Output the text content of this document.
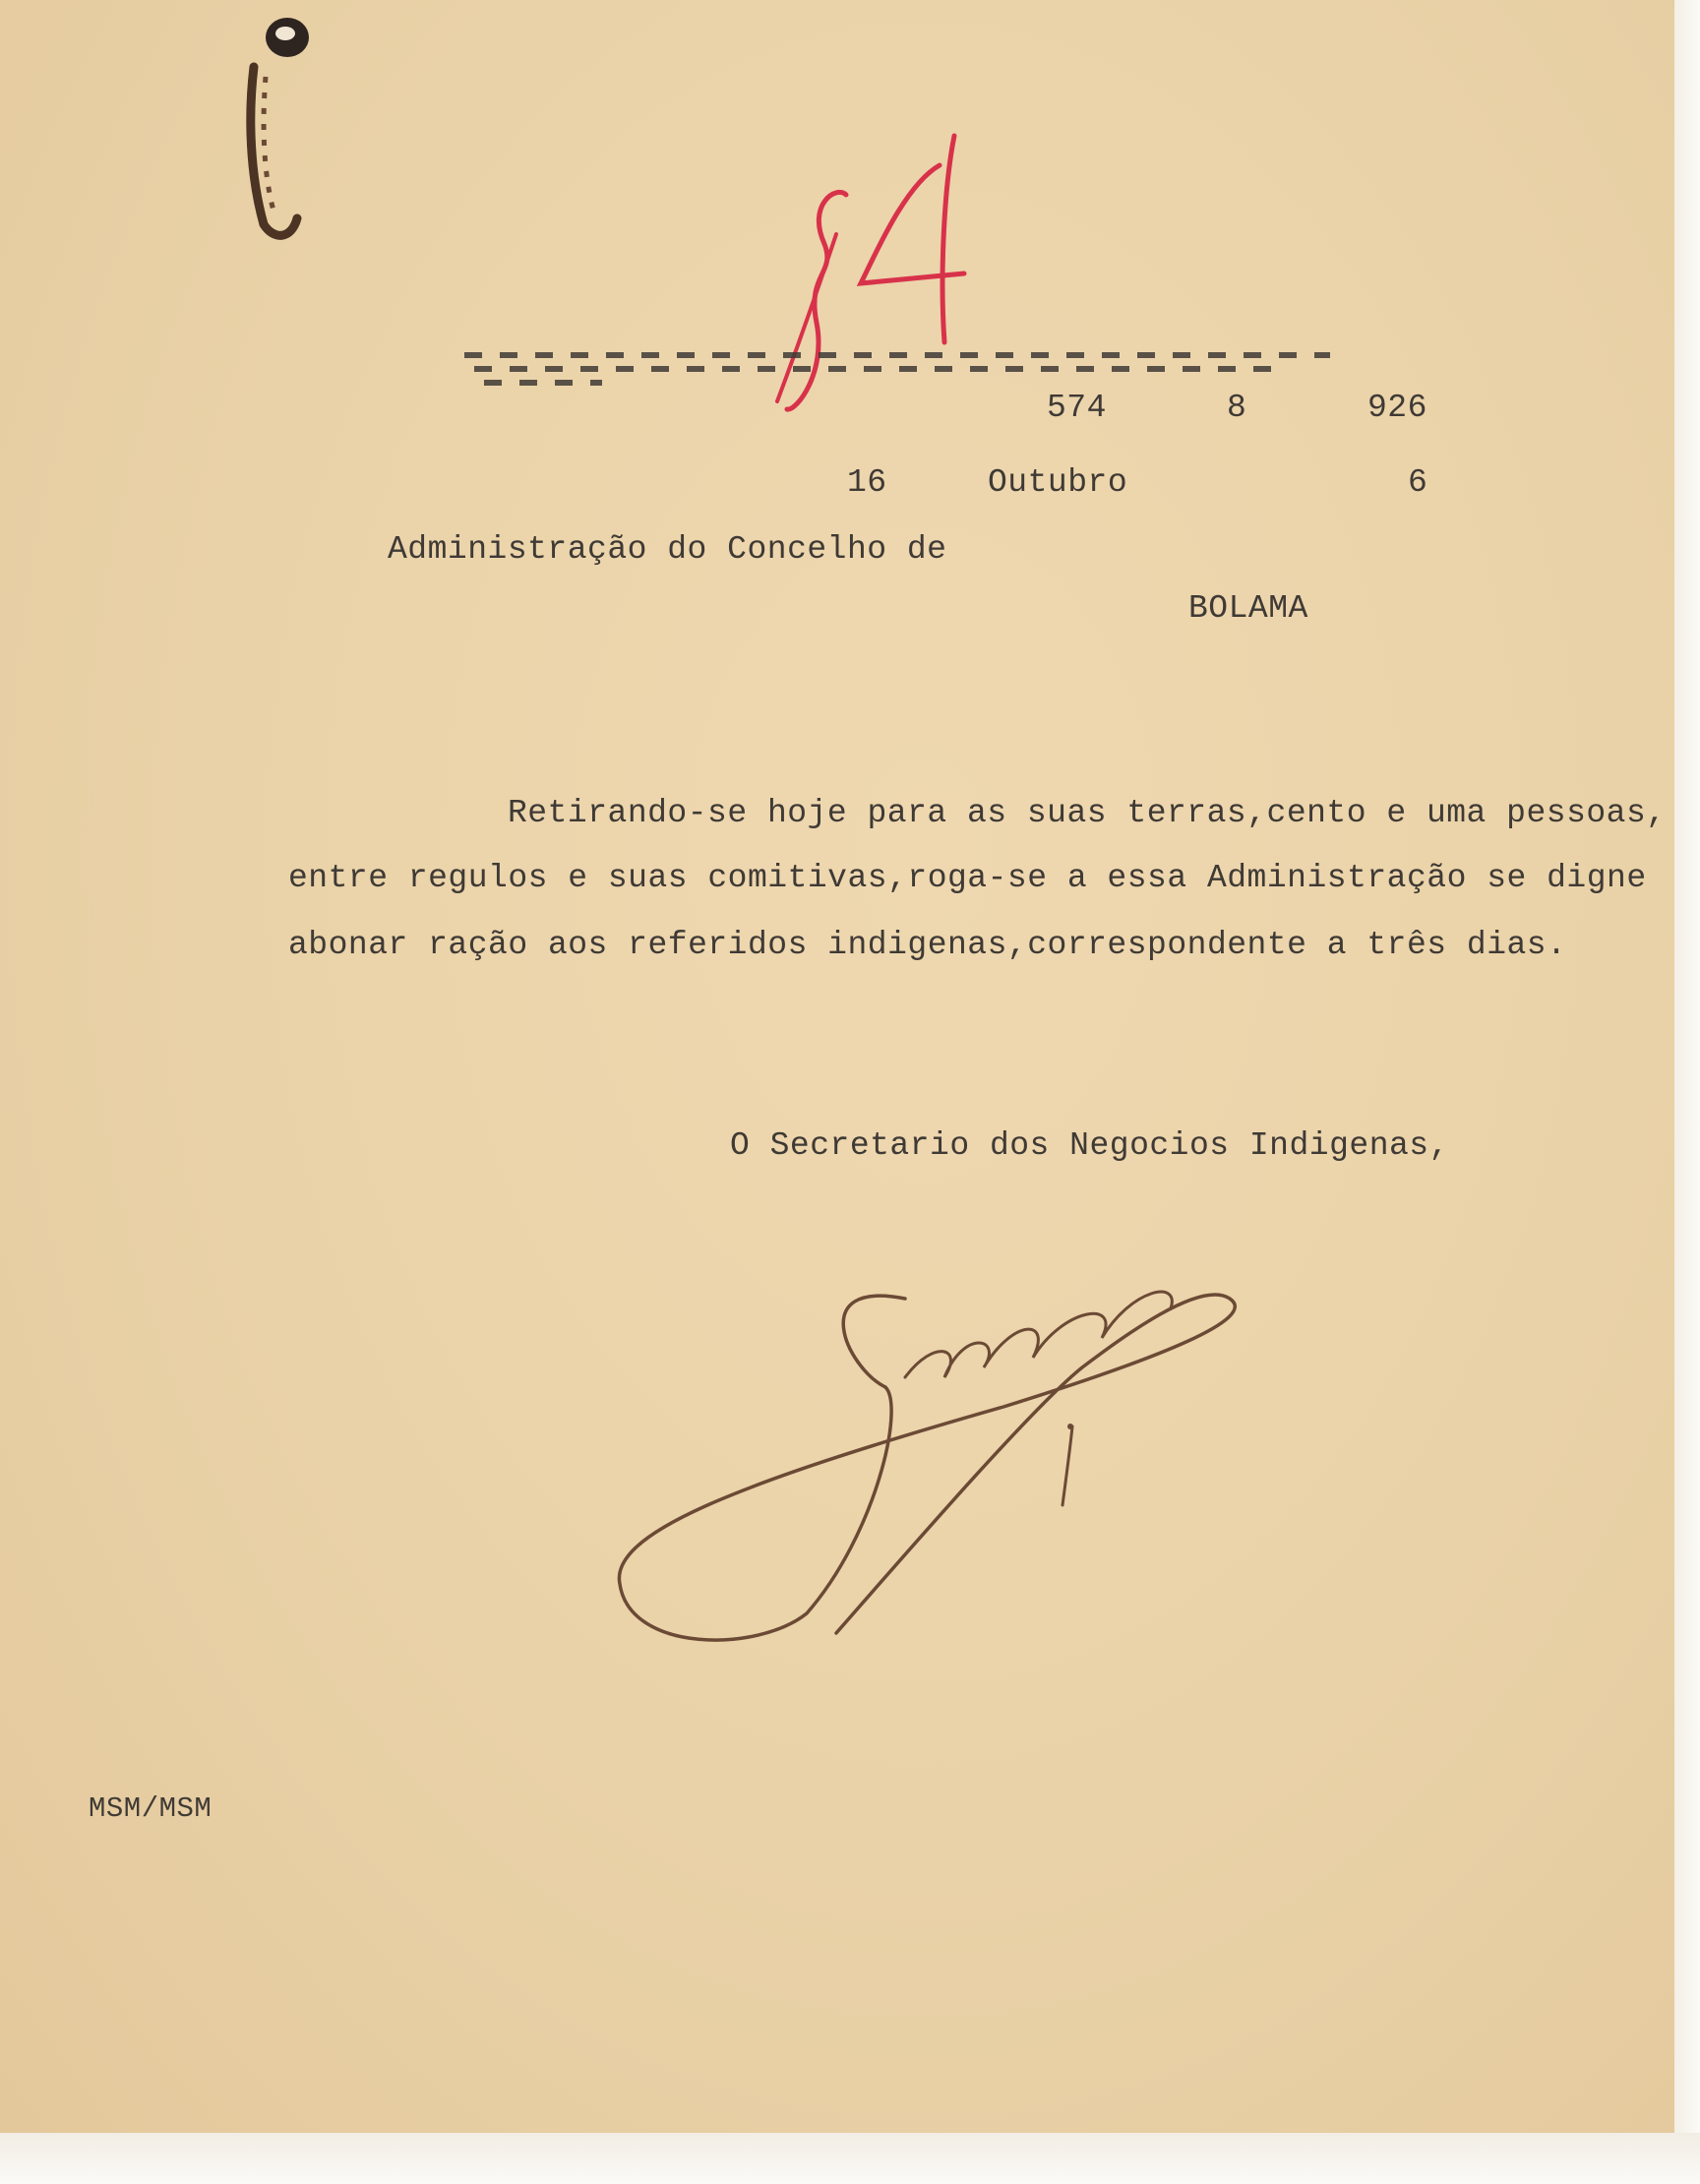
54

574	8	926

16	Outubro	6

Administração do Concelho de

BOLAMA

Retirando-se hoje para as suas terras,cento e uma pessoas,

entre regulos e suas comitivas,roga-se a essa Administração se digne

abonar ração aos referidos indigenas,correspondente a três dias.

O Secretario dos Negocios Indigenas,

MSM/MSM
